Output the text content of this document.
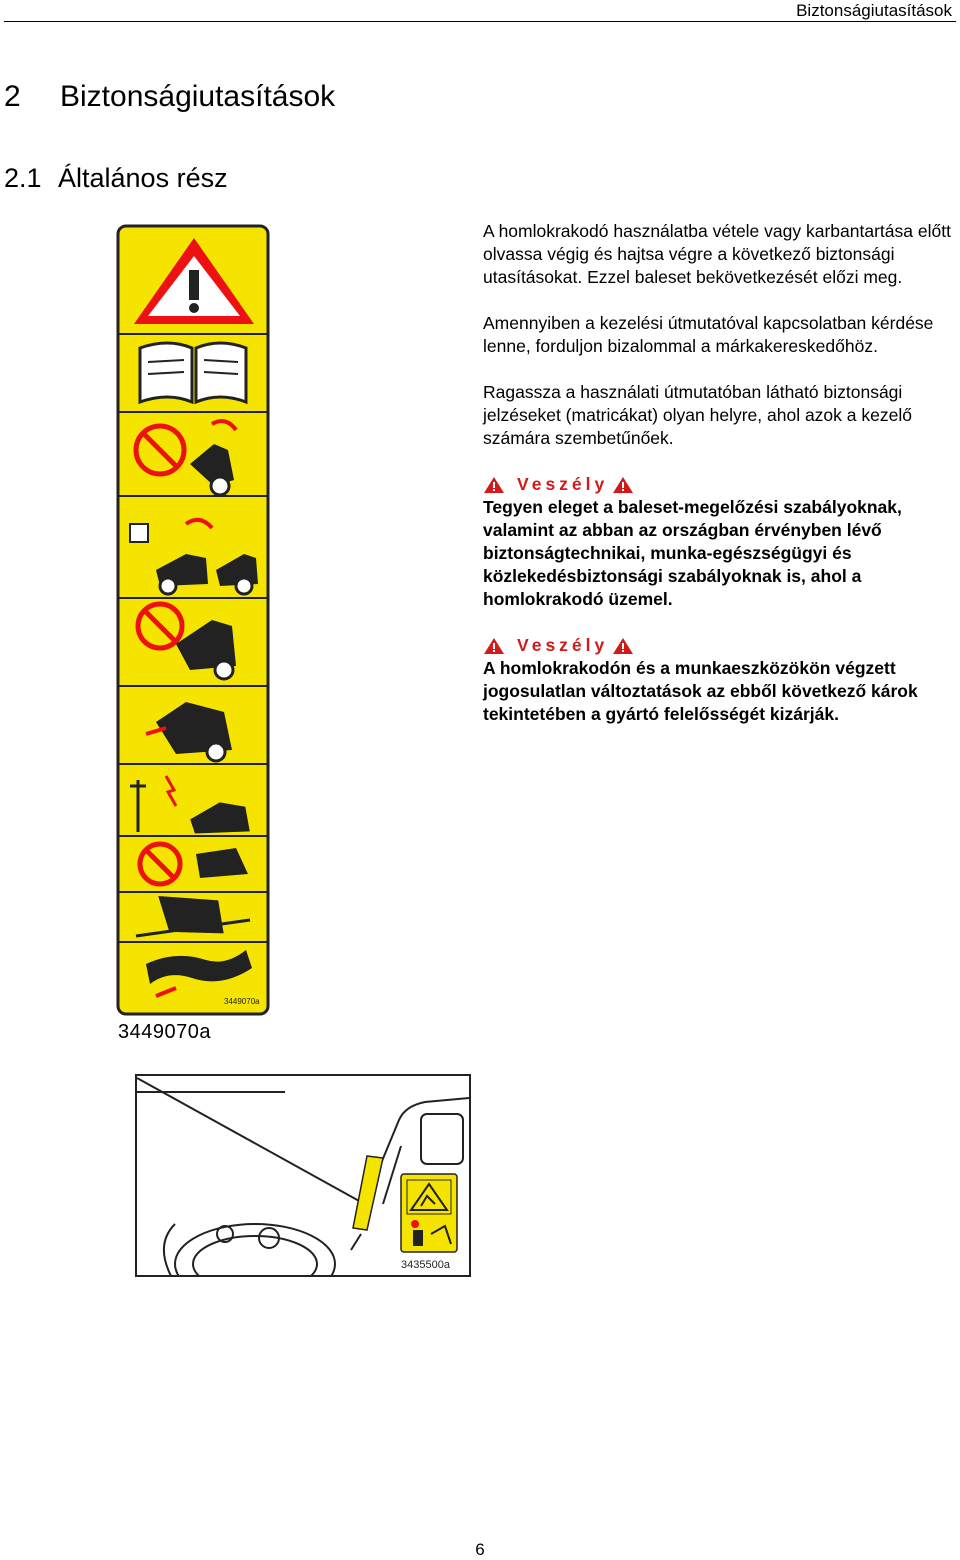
Biztonságiutasítások
2 Biztonságiutasítások
2.1 Általános rész
3449070a
3449070a
3435500a

A homlokrakodó használatba vétele vagy karbantartása előtt olvassa végig és hajtsa végre a következő biztonsági utasításokat. Ezzel baleset bekövetkezését előzi meg.

Amennyiben a kezelési útmutatóval kapcsolatban kérdése lenne, forduljon bizalommal a márkakereskedőhöz.

Ragassza a használati útmutatóban látható biztonsági jelzéseket (matricákat) olyan helyre, ahol azok a kezelő számára szembetűnőek.

Veszély
Tegyen eleget a baleset-megelőzési szabályoknak, valamint az abban az országban érvényben lévő biztonságtechnikai, munka-egészségügyi és közlekedésbiztonsági szabályoknak is, ahol a homlokrakodó üzemel.
Veszély
A homlokrakodón és a munkaeszközökön végzett jogosulatlan változtatások az ebből következő károk tekintetében a gyártó felelősségét kizárják.
6
